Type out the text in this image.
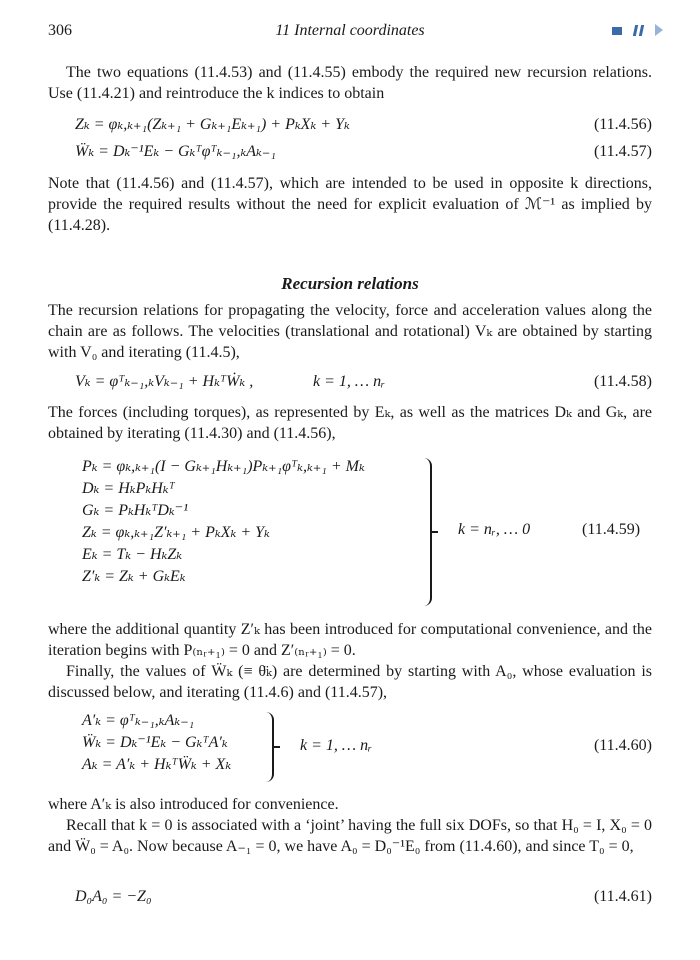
11 Internal coordinates
306

The two equations (11.4.53) and (11.4.55) embody the required new recursion relations. Use (11.4.21) and reintroduce the k indices to obtain

Zₖ = φₖ,ₖ₊₁(Zₖ₊₁ + Gₖ₊₁Eₖ₊₁) + PₖXₖ + Yₖ	(11.4.56)
Ẅₖ = Dₖ⁻¹Eₖ − Gₖᵀφᵀₖ₋₁,ₖAₖ₋₁	(11.4.57)

Note that (11.4.56) and (11.4.57), which are intended to be used in opposite k directions, provide the required results without the need for explicit evaluation of ℳ⁻¹ as implied by (11.4.28).

Recursion relations

The recursion relations for propagating the velocity, force and acceleration values along the chain are as follows. The velocities (translational and rotational) Vₖ are obtained by starting with V₀ and iterating (11.4.5),

Vₖ = φᵀₖ₋₁,ₖVₖ₋₁ + HₖᵀẆₖ ,	k = 1, … nᵣ	(11.4.58)

The forces (including torques), as represented by Eₖ, as well as the matrices Dₖ and Gₖ, are obtained by iterating (11.4.30) and (11.4.56),

Pₖ = φₖ,ₖ₊₁(I − Gₖ₊₁Hₖ₊₁)Pₖ₊₁φᵀₖ,ₖ₊₁ + Mₖ
Dₖ = HₖPₖHₖᵀ
Gₖ = PₖHₖᵀDₖ⁻¹
Zₖ = φₖ,ₖ₊₁Z′ₖ₊₁ + PₖXₖ + Yₖ
Eₖ = Tₖ − HₖZₖ
Z′ₖ = Zₖ + GₖEₖ
k = nᵣ, … 0	(11.4.59)

where the additional quantity Z′ₖ has been introduced for computational convenience, and the iteration begins with P₍ₙᵣ₊₁₎ = 0 and Z′₍ₙᵣ₊₁₎ = 0.

Finally, the values of Ẅₖ (≡ θ̈ₖ) are determined by starting with A₀, whose evaluation is discussed below, and iterating (11.4.6) and (11.4.57),

A′ₖ = φᵀₖ₋₁,ₖAₖ₋₁
Ẅₖ = Dₖ⁻¹Eₖ − GₖᵀA′ₖ
Aₖ = A′ₖ + HₖᵀẄₖ + Xₖ
k = 1, … nᵣ	(11.4.60)

where A′ₖ is also introduced for convenience.

Recall that k = 0 is associated with a ‘joint’ having the full six DOFs, so that H₀ = I, X₀ = 0 and Ẅ₀ = A₀. Now because A₋₁ = 0, we have A₀ = D₀⁻¹E₀ from (11.4.60), and since T₀ = 0,

D₀A₀ = −Z₀	(11.4.61)
